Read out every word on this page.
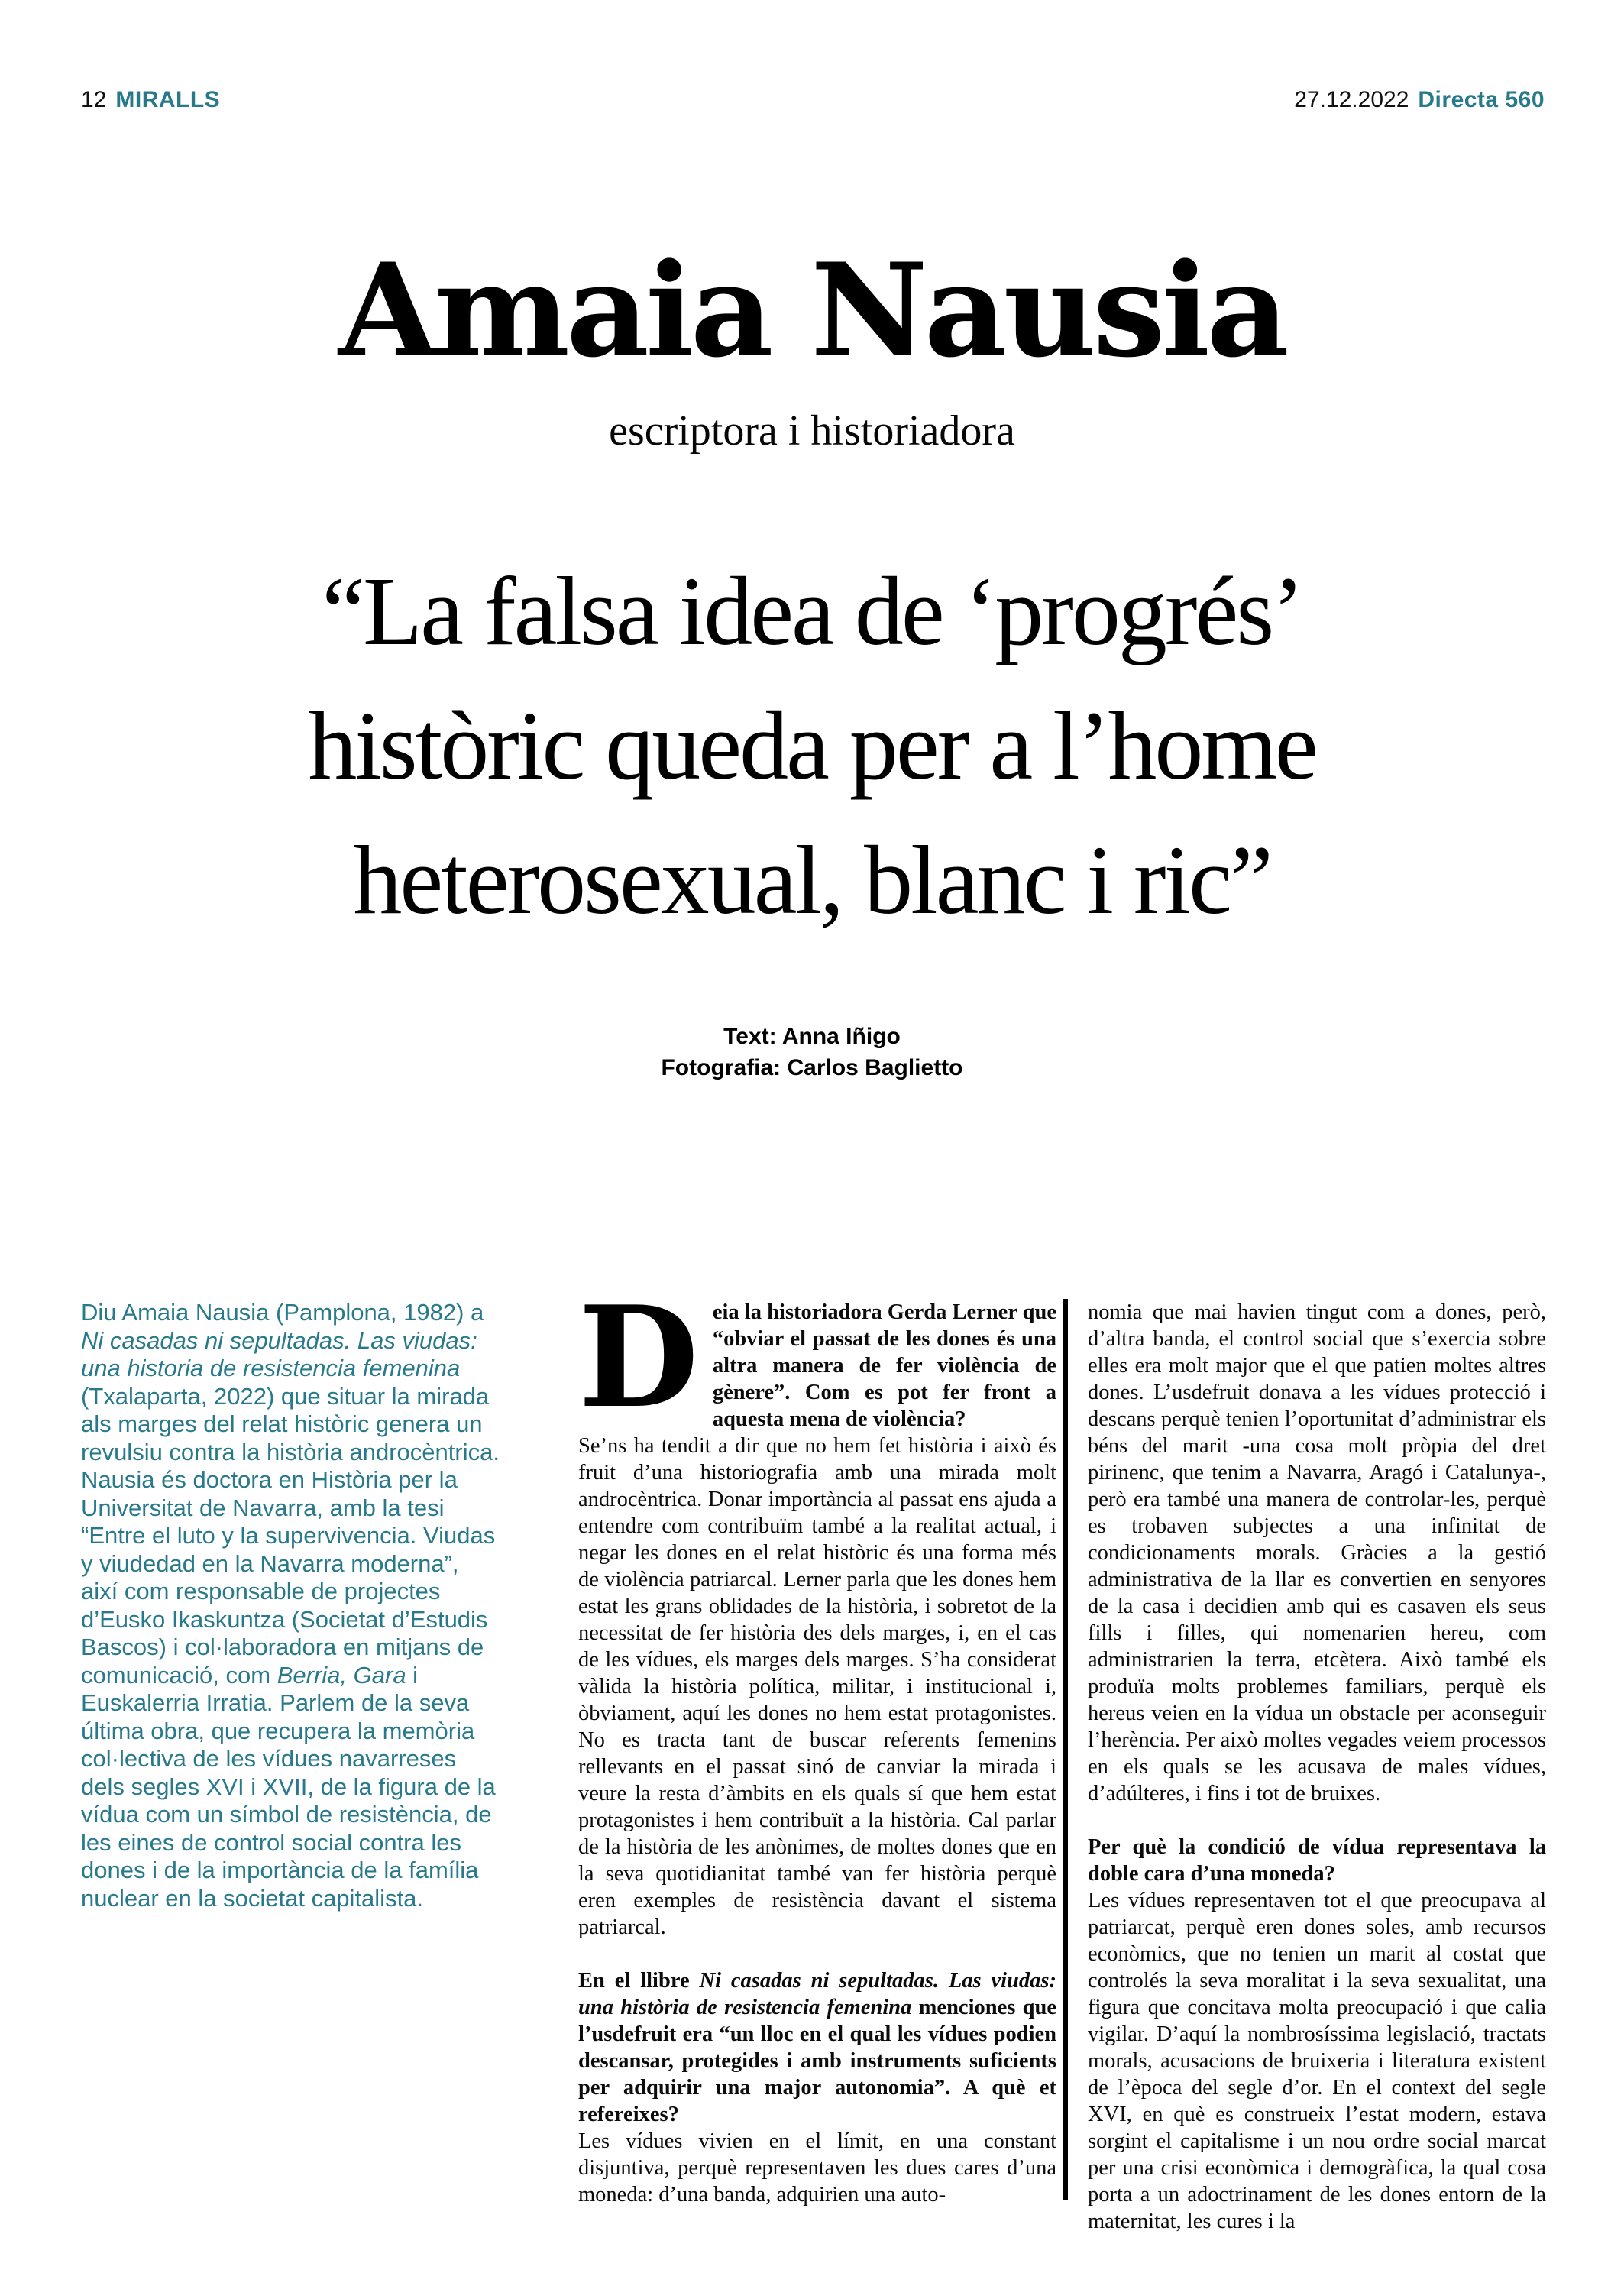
12 MIRALLS	27.12.2022 Directa 560
Amaia Nausia
escriptora i historiadora
“La falsa idea de ‘progrés’
històric queda per a l’home
heterosexual, blanc i ric”
Text: Anna Iñigo
Fotografia: Carlos Baglietto

Diu Amaia Nausia (Pamplona, 1982) a Ni casadas ni sepultadas. Las viudas: una historia de resistencia femenina (Txalaparta, 2022) que situar la mirada als marges del relat històric genera un revulsiu contra la història androcèntrica. Nausia és doctora en Història per la Universitat de Navarra, amb la tesi “Entre el luto y la supervivencia. Viudas y viudedad en la Navarra moderna”, així com responsable de projectes d’Eusko Ikaskuntza (Societat d’Estudis Bascos) i col·laboradora en mitjans de comunicació, com Berria, Gara i Euskalerria Irratia. Parlem de la seva última obra, que recupera la memòria col·lectiva de les vídues navarreses dels segles XVI i XVII, de la figura de la vídua com un símbol de resistència, de les eines de control social contra les dones i de la importància de la família nuclear en la societat capitalista.

Deia la historiadora Gerda Lerner que “obviar el passat de les dones és una altra manera de fer violència de gènere”. Com es pot fer front a aquesta mena de violència?

Se’ns ha tendit a dir que no hem fet història i això és fruit d’una historiografia amb una mirada molt androcèntrica. Donar importància al passat ens ajuda a entendre com contribuïm també a la realitat actual, i negar les dones en el relat històric és una forma més de violència patriarcal. Lerner parla que les dones hem estat les grans oblidades de la història, i sobretot de la necessitat de fer història des dels marges, i, en el cas de les vídues, els marges dels marges. S’ha considerat vàlida la història política, militar, i institucional i, òbviament, aquí les dones no hem estat protagonistes. No es tracta tant de buscar referents femenins rellevants en el passat sinó de canviar la mirada i veure la resta d’àmbits en els quals sí que hem estat protagonistes i hem contribuït a la història. Cal parlar de la història de les anònimes, de moltes dones que en la seva quotidianitat també van fer història perquè eren exemples de resistència davant el sistema patriarcal.

En el llibre Ni casadas ni sepultadas. Las viudas: una història de resistencia femenina menciones que l’usdefruit era “un lloc en el qual les vídues podien descansar, protegides i amb instruments suficients per adquirir una major autonomia”. A què et refereixes?

Les vídues vivien en el límit, en una constant disjuntiva, perquè representaven les dues cares d’una moneda: d’una banda, adquirien una auto-

nomia que mai havien tingut com a dones, però, d’altra banda, el control social que s’exercia sobre elles era molt major que el que patien moltes altres dones. L’usdefruit donava a les vídues protecció i descans perquè tenien l’oportunitat d’administrar els béns del marit -una cosa molt pròpia del dret pirinenc, que tenim a Navarra, Aragó i Catalunya-, però era també una manera de controlar-les, perquè es trobaven subjectes a una infinitat de condicionaments morals. Gràcies a la gestió administrativa de la llar es convertien en senyores de la casa i decidien amb qui es casaven els seus fills i filles, qui nomenarien hereu, com administrarien la terra, etcètera. Això també els produïa molts problemes familiars, perquè els hereus veien en la vídua un obstacle per aconseguir l’herència. Per això moltes vegades veiem processos en els quals se les acusava de males vídues, d’adúlteres, i fins i tot de bruixes.

Per què la condició de vídua representava la doble cara d’una moneda?

Les vídues representaven tot el que preocupava al patriarcat, perquè eren dones soles, amb recursos econòmics, que no tenien un marit al costat que controlés la seva moralitat i la seva sexualitat, una figura que concitava molta preocupació i que calia vigilar. D’aquí la nombrosíssima legislació, tractats morals, acusacions de bruixeria i literatura existent de l’època del segle d’or. En el context del segle XVI, en què es construeix l’estat modern, estava sorgint el capitalisme i un nou ordre social marcat per una crisi econòmica i demogràfica, la qual cosa porta a un adoctrinament de les dones entorn de la maternitat, les cures i la
